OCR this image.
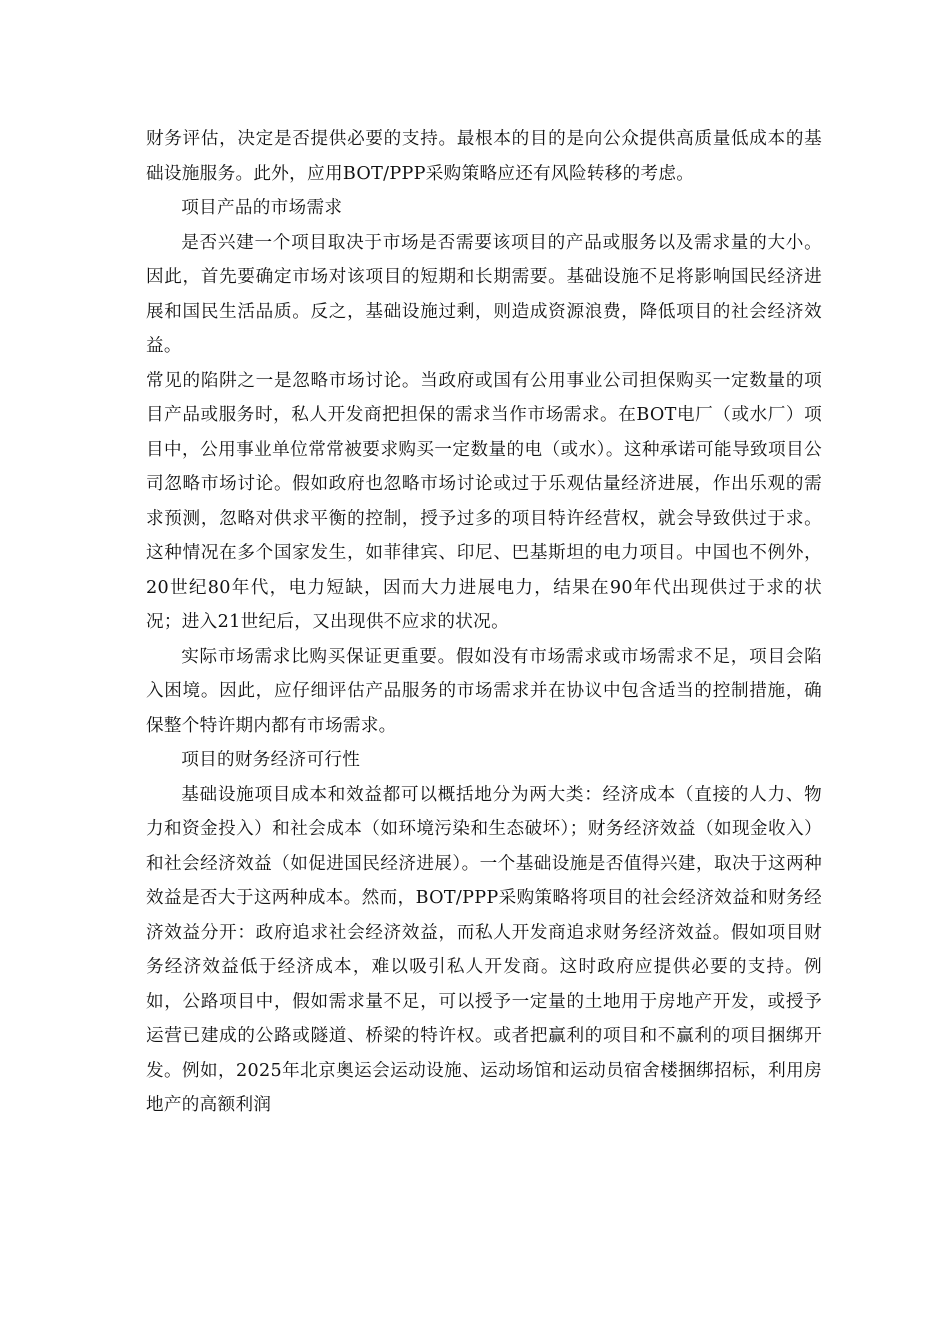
财务评估，决定是否提供必要的支持。最根本的目的是向公众提供高质量低成本的基础设施服务。此外，应用BOT/PPP采购策略应还有风险转移的考虑。

项目产品的市场需求

是否兴建一个项目取决于市场是否需要该项目的产品或服务以及需求量的大小。因此，首先要确定市场对该项目的短期和长期需要。基础设施不足将影响国民经济进展和国民生活品质。反之，基础设施过剩，则造成资源浪费，降低项目的社会经济效益。

常见的陷阱之一是忽略市场讨论。当政府或国有公用事业公司担保购买一定数量的项目产品或服务时，私人开发商把担保的需求当作市场需求。在BOT电厂（或水厂）项目中，公用事业单位常常被要求购买一定数量的电（或水）。这种承诺可能导致项目公司忽略市场讨论。假如政府也忽略市场讨论或过于乐观估量经济进展，作出乐观的需求预测，忽略对供求平衡的控制，授予过多的项目特许经营权，就会导致供过于求。这种情况在多个国家发生，如菲律宾、印尼、巴基斯坦的电力项目。中国也不例外，20世纪80年代，电力短缺，因而大力进展电力，结果在90年代出现供过于求的状况；进入21世纪后，又出现供不应求的状况。

实际市场需求比购买保证更重要。假如没有市场需求或市场需求不足，项目会陷入困境。因此，应仔细评估产品服务的市场需求并在协议中包含适当的控制措施，确保整个特许期内都有市场需求。

项目的财务经济可行性

基础设施项目成本和效益都可以概括地分为两大类：经济成本（直接的人力、物力和资金投入）和社会成本（如环境污染和生态破坏）；财务经济效益（如现金收入）和社会经济效益（如促进国民经济进展）。一个基础设施是否值得兴建，取决于这两种效益是否大于这两种成本。然而，BOT/PPP采购策略将项目的社会经济效益和财务经济效益分开：政府追求社会经济效益，而私人开发商追求财务经济效益。假如项目财务经济效益低于经济成本，难以吸引私人开发商。这时政府应提供必要的支持。例如，公路项目中，假如需求量不足，可以授予一定量的土地用于房地产开发，或授予运营已建成的公路或隧道、桥梁的特许权。或者把赢利的项目和不赢利的项目捆绑开发。例如，2025年北京奥运会运动设施、运动场馆和运动员宿舍楼捆绑招标，利用房地产的高额利润
